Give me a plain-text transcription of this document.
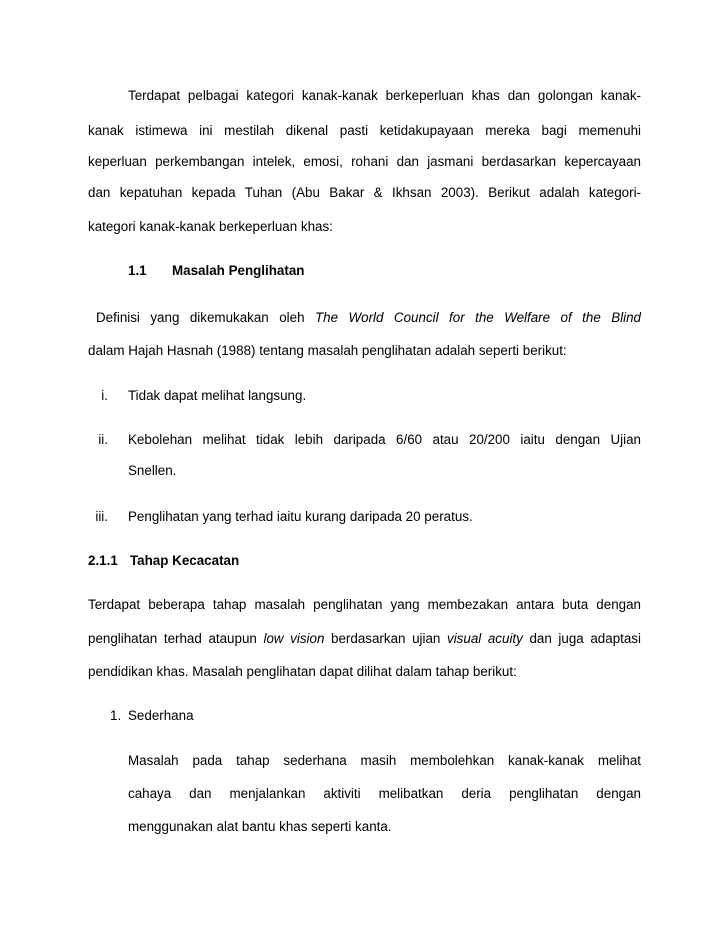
Terdapat pelbagai kategori kanak-kanak berkeperluan khas dan golongan kanak-
kanak istimewa ini mestilah dikenal pasti ketidakupayaan mereka bagi memenuhi
keperluan perkembangan intelek, emosi, rohani dan jasmani berdasarkan kepercayaan
dan kepatuhan kepada Tuhan (Abu Bakar & Ikhsan 2003). Berikut adalah kategori-
kategori kanak-kanak berkeperluan khas:
1.1 Masalah Penglihatan
Definisi yang dikemukakan oleh The World Council for the Welfare of the Blind
dalam Hajah Hasnah (1988) tentang masalah penglihatan adalah seperti berikut:
i. Tidak dapat melihat langsung.
ii. Kebolehan melihat tidak lebih daripada 6/60 atau 20/200 iaitu dengan Ujian
Snellen.
iii. Penglihatan yang terhad iaitu kurang daripada 20 peratus.
2.1.1 Tahap Kecacatan
Terdapat beberapa tahap masalah penglihatan yang membezakan antara buta dengan
penglihatan terhad ataupun low vision berdasarkan ujian visual acuity dan juga adaptasi
pendidikan khas. Masalah penglihatan dapat dilihat dalam tahap berikut:
1. Sederhana
Masalah pada tahap sederhana masih membolehkan kanak-kanak melihat
cahaya dan menjalankan aktiviti melibatkan deria penglihatan dengan
menggunakan alat bantu khas seperti kanta.
